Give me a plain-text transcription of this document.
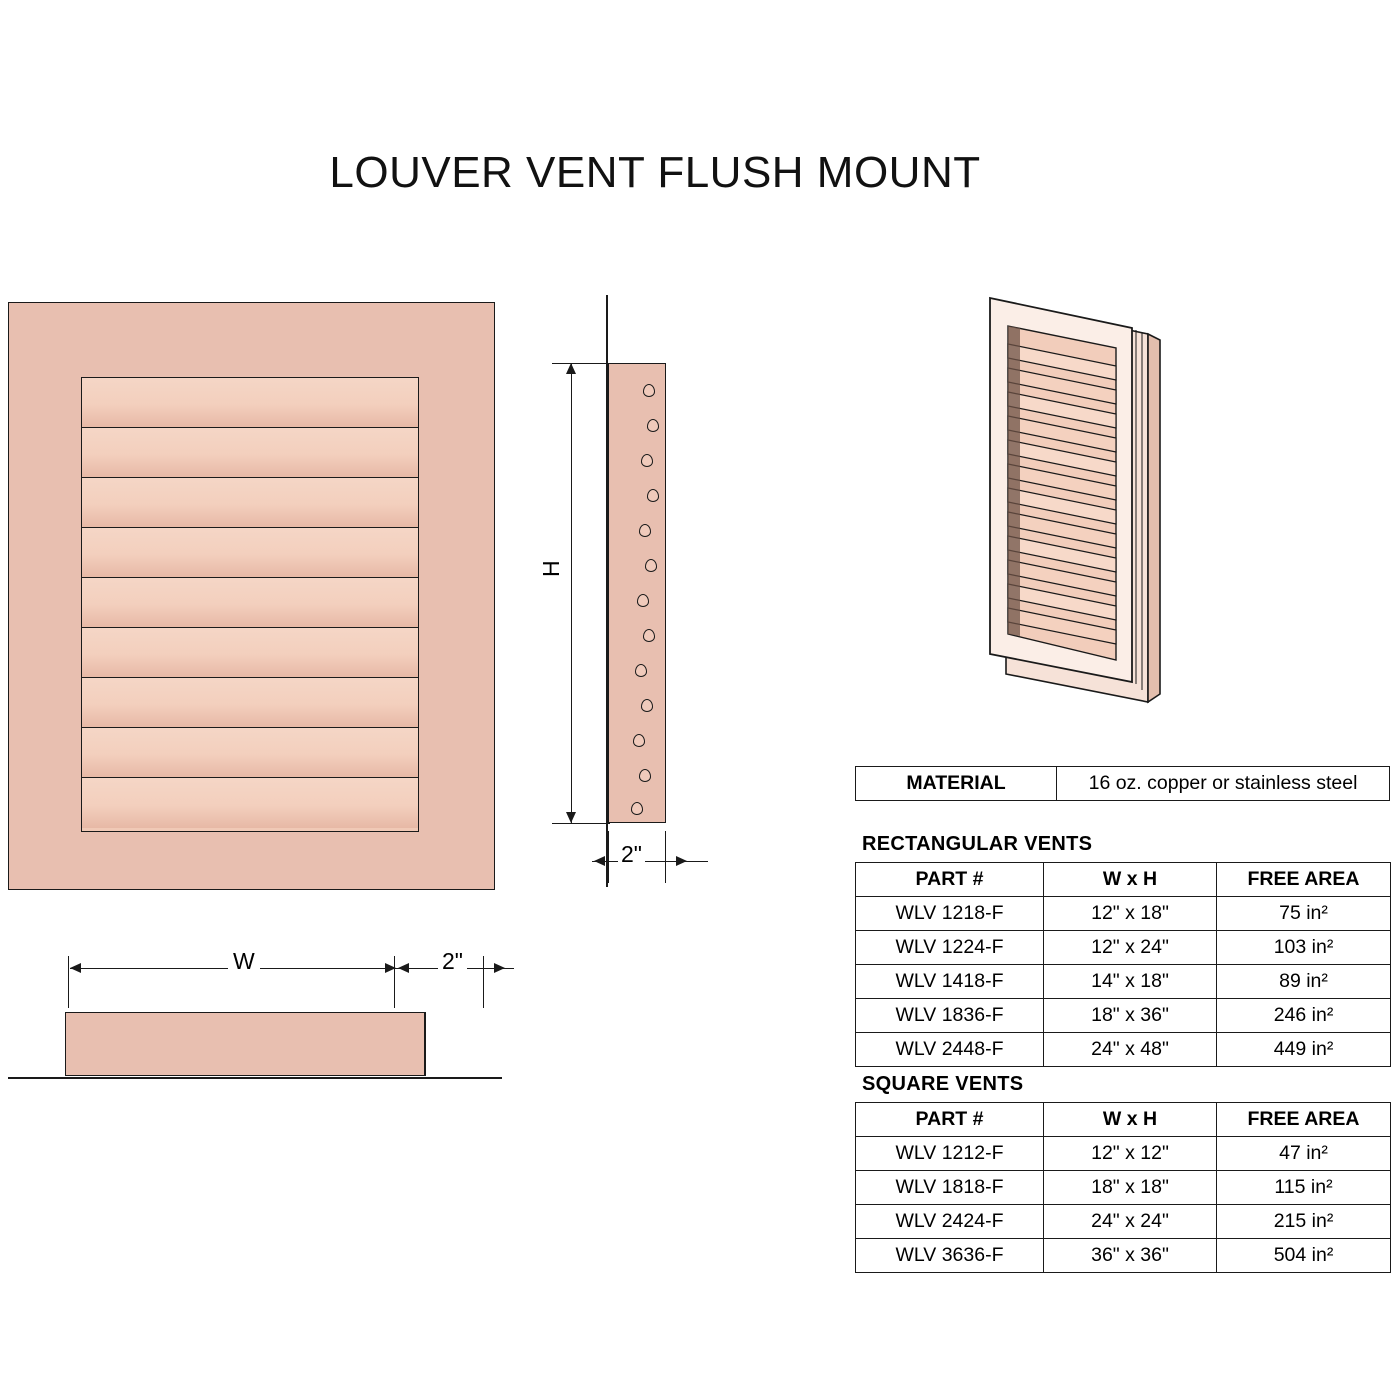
LOUVER VENT FLUSH MOUNT
H
2"
W	2"
MATERIAL	16 oz. copper or stainless steel
RECTANGULAR VENTS
PART #	W x H	FREE AREA
WLV 1218-F	12" x 18"	75 in²
WLV 1224-F	12" x 24"	103 in²
WLV 1418-F	14" x 18"	89 in²
WLV 1836-F	18" x 36"	246 in²
WLV 2448-F	24" x 48"	449 in²
SQUARE VENTS
PART #	W x H	FREE AREA
WLV 1212-F	12" x 12"	47 in²
WLV 1818-F	18" x 18"	115 in²
WLV 2424-F	24" x 24"	215 in²
WLV 3636-F	36" x 36"	504 in²
